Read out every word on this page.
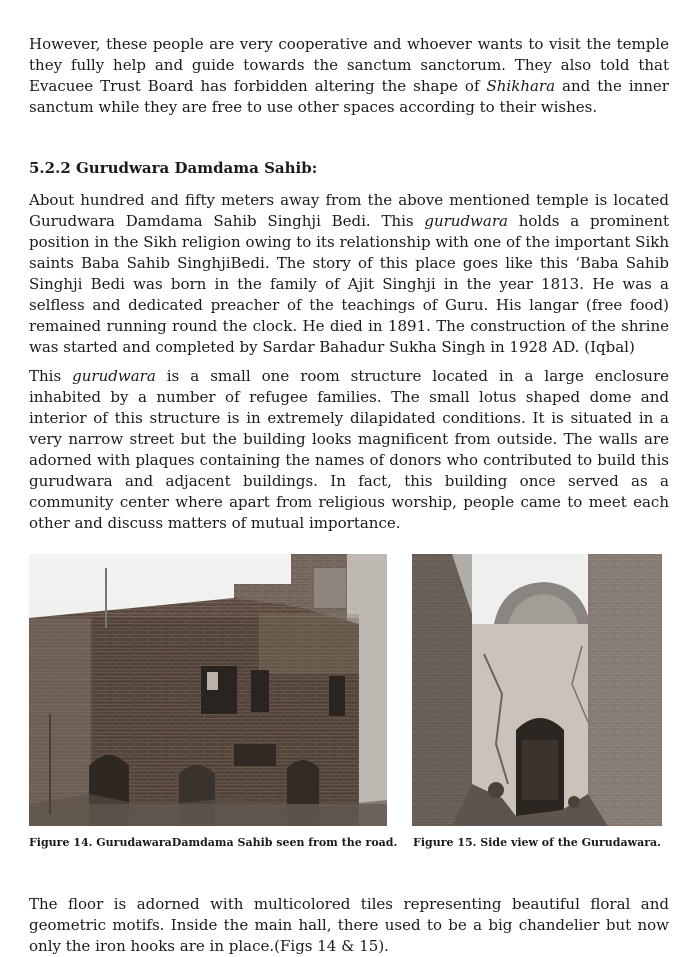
However, these people are very cooperative and whoever wants to visit the temple they fully help and guide towards the sanctum sanctorum. They also told that Evacuee Trust Board has forbidden altering the shape of Shikhara and the inner sanctum while they are free to use other spaces according to their wishes.

5.2.2 Gurudwara Damdama Sahib:

About hundred and fifty meters away from the above mentioned temple is located Gurudwara Damdama Sahib Singhji Bedi. This gurudwara holds a prominent position in the Sikh religion owing to its relationship with one of the important Sikh saints Baba Sahib SinghjiBedi. The story of this place goes like this ‘Baba Sahib Singhji Bedi was born in the family of Ajit Singhji in the year 1813. He was a selfless and dedicated preacher of the teachings of Guru. His langar (free food) remained running round the clock. He died in 1891. The construction of the shrine was started and completed by Sardar Bahadur Sukha Singh in 1928 AD. (Iqbal)

This gurudwara is a small one room structure located in a large enclosure inhabited by a number of refugee families. The small lotus shaped dome and interior of this structure is in extremely dilapidated conditions. It is situated in a very narrow street but the building looks magnificent from outside. The walls are adorned with plaques containing the names of donors who contributed to build this gurudwara and adjacent buildings. In fact, this building once served as a community center where apart from religious worship, people came to meet each other and discuss matters of mutual importance.

Figure 14. GurudawaraDamdama Sahib seen from the road. Figure 15. Side view of the Gurudawara.

The floor is adorned with multicolored tiles representing beautiful floral and geometric motifs. Inside the main hall, there used to be a big chandelier but now only the iron hooks are in place.(Figs 14 & 15).
